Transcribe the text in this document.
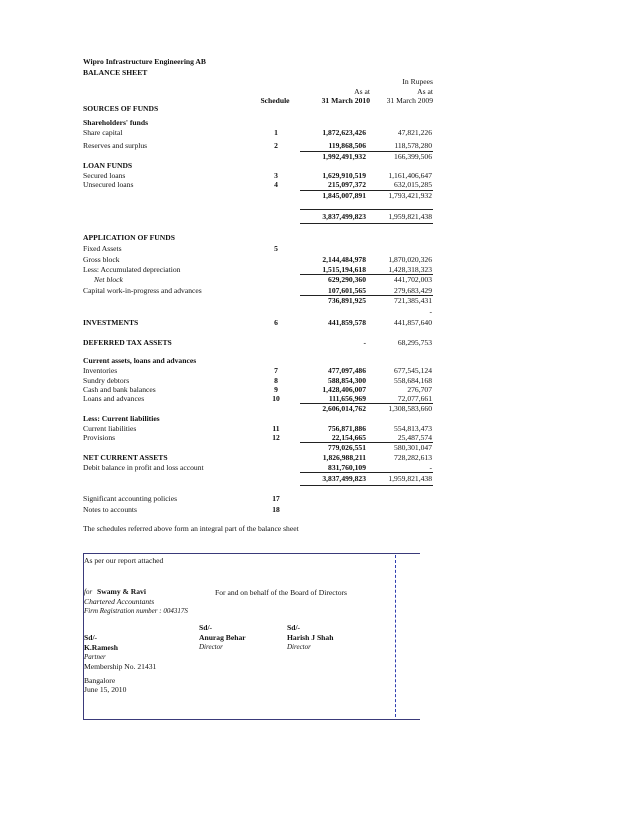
Wipro Infrastructure Engineering AB
BALANCE SHEET
In Rupees
As at	As at
Schedule	31 March 2010	31 March 2009
SOURCES OF FUNDS
Shareholders' funds
Share capital	1	1,872,623,426	47,821,226
Reserves and surplus	2	119,868,506	118,578,280
1,992,491,932	166,399,506
LOAN FUNDS
Secured loans	3	1,629,910,519	1,161,406,647
Unsecured loans	4	215,097,372	632,015,285
1,845,007,891	1,793,421,932
3,837,499,823	1,959,821,438
APPLICATION OF FUNDS
Fixed Assets	5
Gross block	2,144,484,978	1,870,020,326
Less: Accumulated depreciation	1,515,194,618	1,428,318,323
Net block	629,290,360	441,702,003
Capital work-in-progress and advances	107,601,565	279,683,429
736,891,925	721,385,431
-
INVESTMENTS	6	441,859,578	441,857,640
DEFERRED TAX ASSETS	-	68,295,753
Current assets, loans and advances
Inventories	7	477,097,486	677,545,124
Sundry debtors	8	588,854,300	558,684,168
Cash and bank balances	9	1,428,406,007	276,707
Loans and advances	10	111,656,969	72,077,661
2,606,014,762	1,308,583,660
Less: Current liabilities
Current liabilities	11	756,871,886	554,813,473
Provisions	12	22,154,665	25,487,574
779,026,551	580,301,047
NET CURRENT ASSETS	1,826,988,211	728,282,613
Debit balance in profit and loss account	831,760,109	-
3,837,499,823	1,959,821,438
Significant accounting policies	17
Notes to accounts	18
The schedules referred above form an integral part of the balance sheet
As per our report attached
for Swamy & Ravi	For and on behalf of the Board of Directors
Chartered Accountants
Firm Registration number : 004317S
Sd/-	Sd/-
Sd/-	Anurag Behar	Harish J Shah
K.Ramesh	Director	Director
Partner
Membership No. 21431
Bangalore
June 15, 2010
